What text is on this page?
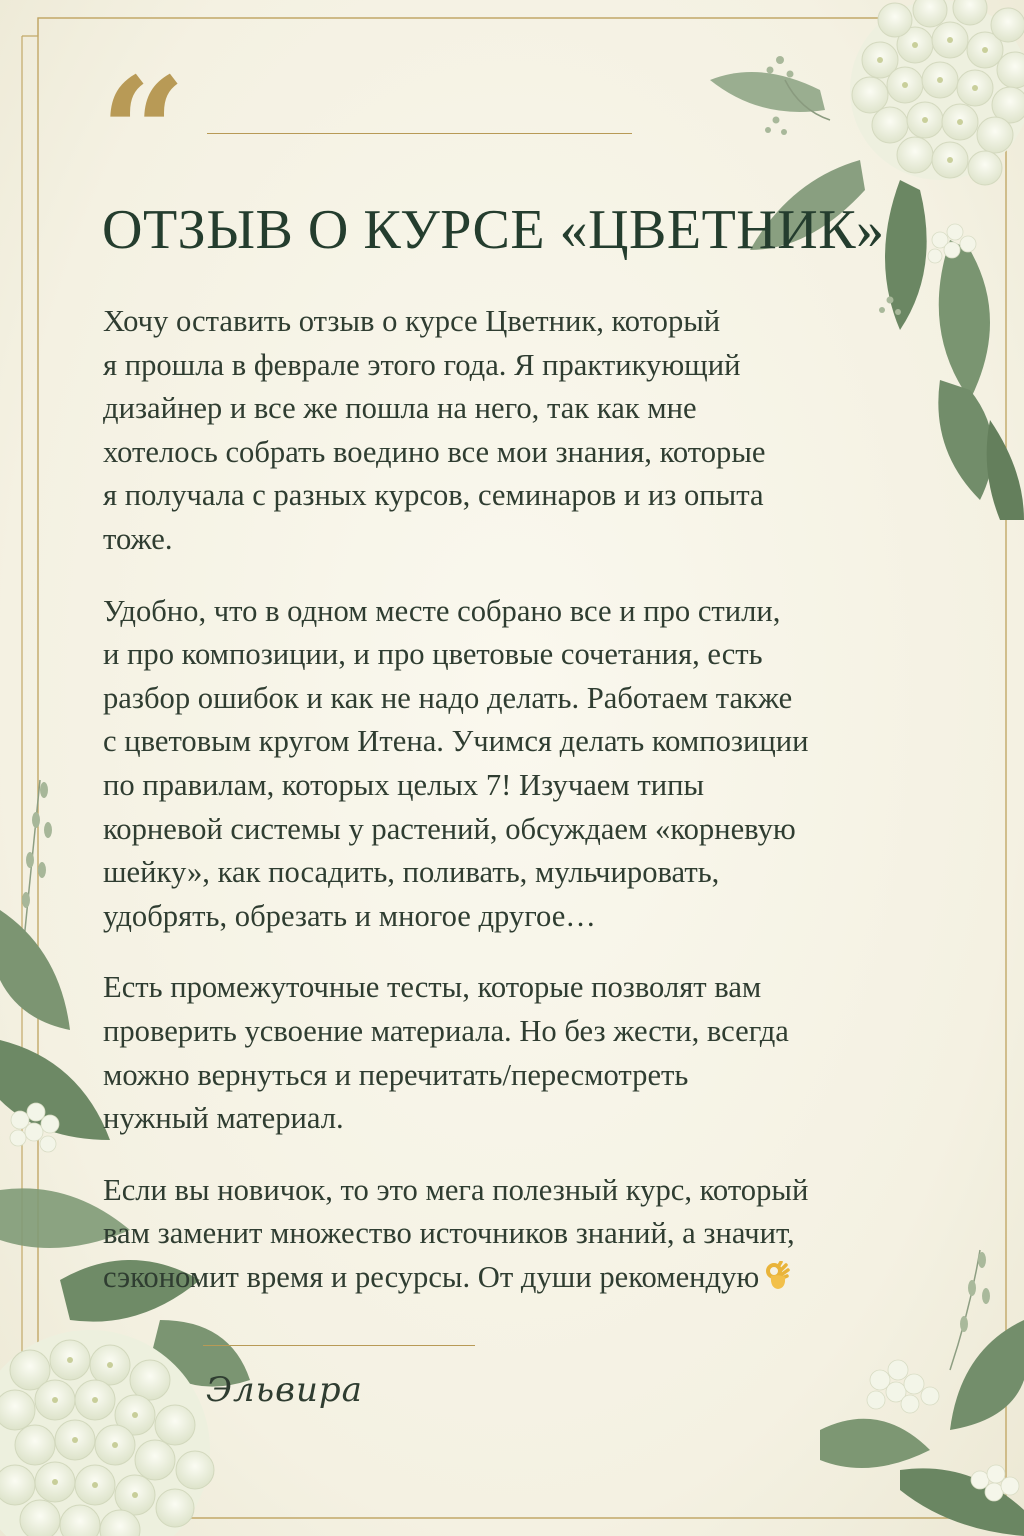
“
ОТЗЫВ О КУРСЕ «ЦВЕТНИК»
Хочу оставить отзыв о курсе Цветник, который
я прошла в феврале этого года. Я практикующий
дизайнер и все же пошла на него, так как мне
хотелось собрать воедино все мои знания, которые
я получала с разных курсов, семинаров и из опыта
тоже.
Удобно, что в одном месте собрано все и про стили,
и про композиции, и про цветовые сочетания, есть
разбор ошибок и как не надо делать. Работаем также
с цветовым кругом Итена. Учимся делать композиции
по правилам, которых целых 7! Изучаем типы
корневой системы у растений, обсуждаем «корневую
шейку», как посадить, поливать, мульчировать,
удобрять, обрезать и многое другое…
Есть промежуточные тесты, которые позволят вам
проверить усвоение материала. Но без жести, всегда
можно вернуться и перечитать/пересмотреть
нужный материал.
Если вы новичок, то это мега полезный курс, который
вам заменит множество источников знаний, а значит,
сэкономит время и ресурсы. От души рекомендую
Эльвира
